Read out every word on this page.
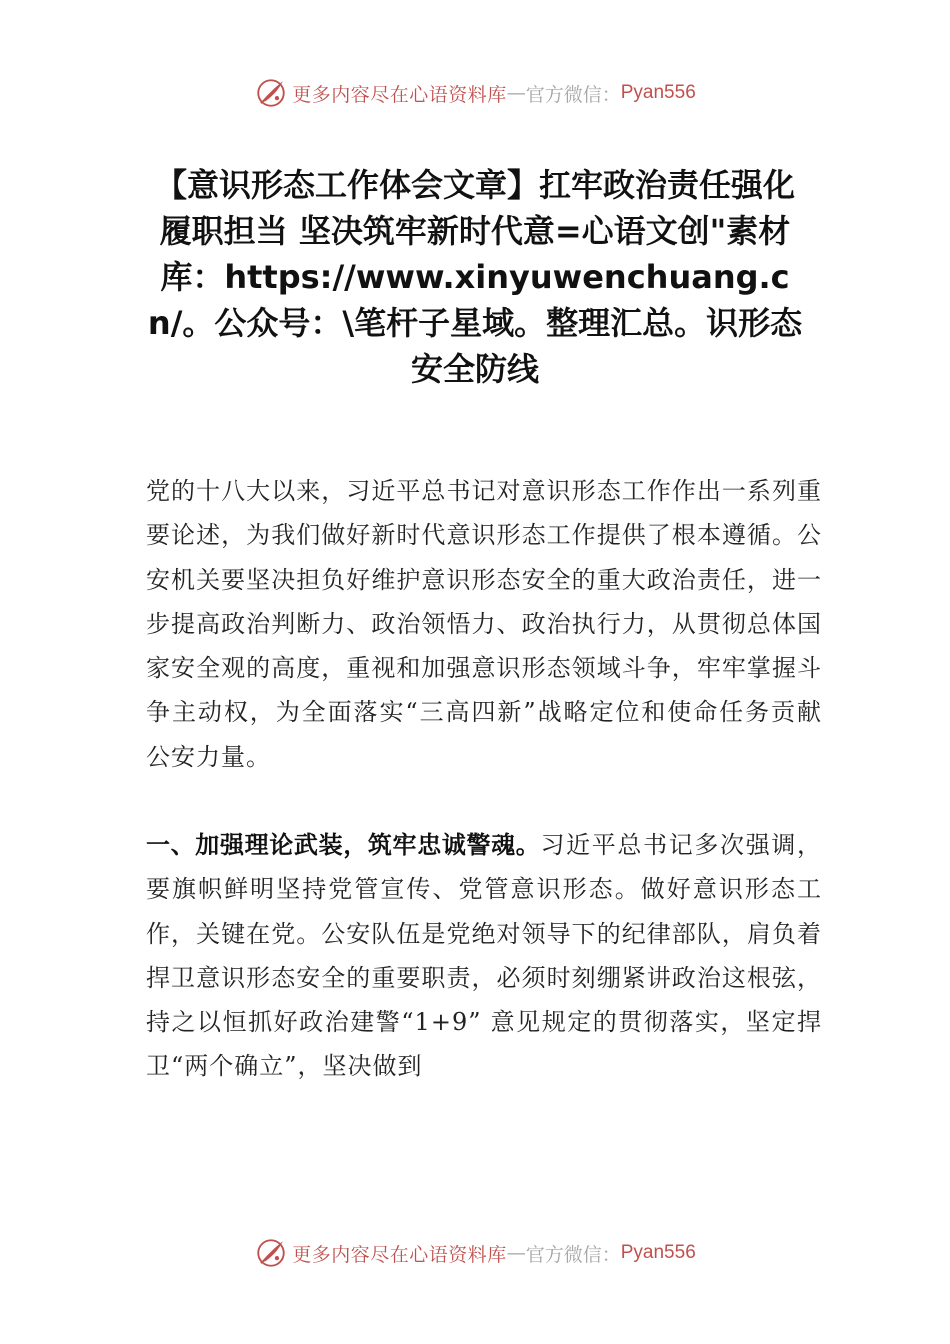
更多内容尽在心语资料库 — 官方微信： Pyan556
【意识形态工作体会文章】扛牢政治责任强化履职担当 坚决筑牢新时代意=心语文创"素材库：https://www.xinyuwenchuang.cn/。公众号：\笔杆子星域。整理汇总。识形态安全防线
党的十八大以来，习近平总书记对意识形态工作作出一系列重要论述，为我们做好新时代意识形态工作提供了根本遵循。公安机关要坚决担负好维护意识形态安全的重大政治责任，进一步提高政治判断力、政治领悟力、政治执行力，从贯彻总体国家安全观的高度，重视和加强意识形态领域斗争，牢牢掌握斗争主动权，为全面落实“三高四新”战略定位和使命任务贡献公安力量。
一、加强理论武装，筑牢忠诚警魂。习近平总书记多次强调，要旗帜鲜明坚持党管宣传、党管意识形态。做好意识形态工作，关键在党。公安队伍是党绝对领导下的纪律部队，肩负着捍卫意识形态安全的重要职责，必须时刻绷紧讲政治这根弦，持之以恒抓好政治建警“1+9” 意见规定的贯彻落实，坚定捍卫“两个确立”，坚决做到
更多内容尽在心语资料库 — 官方微信： Pyan556
